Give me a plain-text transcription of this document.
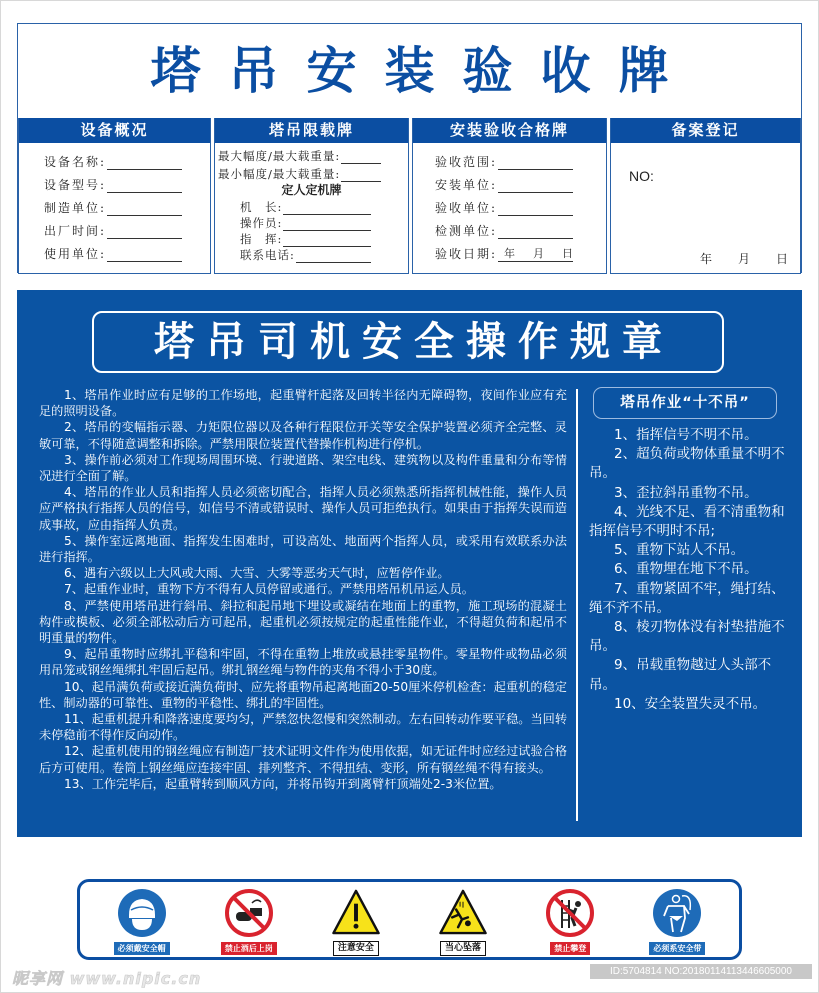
塔吊安装验收牌
设备概况
设备名称:
设备型号:
制造单位:
出厂时间:
使用单位:
塔吊限载牌
最大幅度/最大载重量:
最小幅度/最大载重量:
定人定机牌
机　长:
操作员:
指　挥:
联系电话:
安装验收合格牌
验收范围:
安装单位:
验收单位:
检测单位:
验收日期: 年 月 日
备案登记
NO:
年 月 日
塔吊司机安全操作规章

1、塔吊作业时应有足够的工作场地，起重臂杆起落及回转半径内无障碍物，夜间作业应有充足的照明设备。

2、塔吊的变幅指示器、力矩限位器以及各种行程限位开关等安全保护装置必须齐全完整、灵敏可靠，不得随意调整和拆除。严禁用限位装置代替操作机构进行停机。

3、操作前必须对工作现场周围环境、行驶道路、架空电线、建筑物以及构件重量和分布等情况进行全面了解。

4、塔吊的作业人员和指挥人员必须密切配合，指挥人员必须熟悉所指挥机械性能，操作人员应严格执行指挥人员的信号，如信号不清或错误时、操作人员可拒绝执行。如果由于指挥失误而造成事故，应由指挥人负责。

5、操作室远离地面、指挥发生困难时，可设高处、地面两个指挥人员，或采用有效联系办法进行指挥。

6、遇有六级以上大风或大雨、大雪、大雾等恶劣天气时，应暂停作业。

7、起重作业时，重物下方不得有人员停留或通行。严禁用塔吊机吊运人员。

8、严禁使用塔吊进行斜吊、斜拉和起吊地下埋设或凝结在地面上的重物，施工现场的混凝土构件或模板、必须全部松动后方可起吊，起重机必须按规定的起重性能作业，不得超负荷和起吊不明重量的物件。

9、起吊重物时应绑扎平稳和牢固，不得在重物上堆放或悬挂零星物件。零星物件或物品必须用吊笼或钢丝绳绑扎牢固后起吊。绑扎钢丝绳与物件的夹角不得小于30度。

10、起吊满负荷或接近满负荷时、应先将重物吊起离地面20-50厘米停机检查：起重机的稳定性、制动器的可靠性、重物的平稳性、绑扎的牢固性。

11、起重机提升和降落速度要均匀，严禁忽快忽慢和突然制动。左右回转动作要平稳。当回转未停稳前不得作反向动作。

12、起重机使用的钢丝绳应有制造厂技术证明文件作为使用依据，如无证件时应经过试验合格后方可使用。卷筒上钢丝绳应连接牢固、排列整齐、不得扭结、变形，所有钢丝绳不得有接头。

13、工作完毕后，起重臂转到顺风方向，并将吊钩开到离臂杆顶端处2-3米位置。

塔吊作业“十不吊”

1、指挥信号不明不吊。

2、超负荷或物体重量不明不吊。

3、歪拉斜吊重物不吊。

4、光线不足、看不清重物和指挥信号不明时不吊;

5、重物下站人不吊。

6、重物埋在地下不吊。

7、重物紧固不牢，绳打结、绳不齐不吊。

8、棱刃物体没有衬垫措施不吊。

9、吊载重物越过人头部不吊。

10、安全装置失灵不吊。

必须戴安全帽	禁止酒后上岗	注意安全	当心坠落	禁止攀登	必须系安全带
昵享网 www.nipic.cn	ID:5704814 NO:20180114113446605000
